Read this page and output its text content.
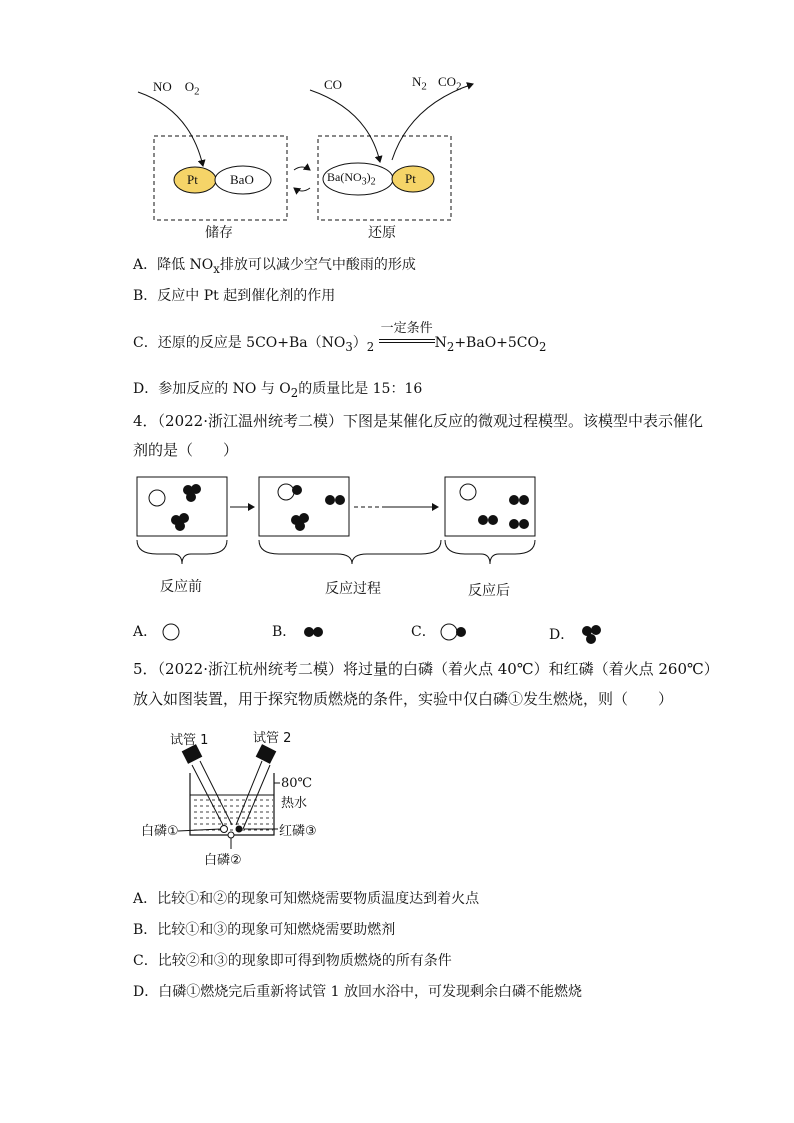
NO　$O_2$	CO	$N_2$ $CO_2$
Pt BaO	$Ba(NO_3)_2$ Pt
储存	还原
A．降低 $NO_x$排放可以减少空气中酸雨的形成
B．反应中 Pt 起到催化剂的作用
C．还原的反应是 $5CO+Ba(NO_3)_2$
一定条件
$N_2+BaO+5CO_2$
D．参加反应的 NO 与 $O_2$的质量比是 15：16
4．（2022·浙江温州统考二模）下图是某催化反应的微观过程模型。该模型中表示催化
剂的是（　　）
反应前	反应过程	反应后
A．	B．	C．	D．
5．（2022·浙江杭州统考二模）将过量的白磷（着火点 40℃）和红磷（着火点 260℃）
放入如图装置，用于探究物质燃烧的条件，实验中仅白磷①发生燃烧，则（　　）
试管 1	试管 2
80℃
热水
白磷①	红磷③
白磷②
A．比较①和②的现象可知燃烧需要物质温度达到着火点
B．比较①和③的现象可知燃烧需要助燃剂
C．比较②和③的现象即可得到物质燃烧的所有条件
D．白磷①燃烧完后重新将试管 1 放回水浴中，可发现剩余白磷不能燃烧
